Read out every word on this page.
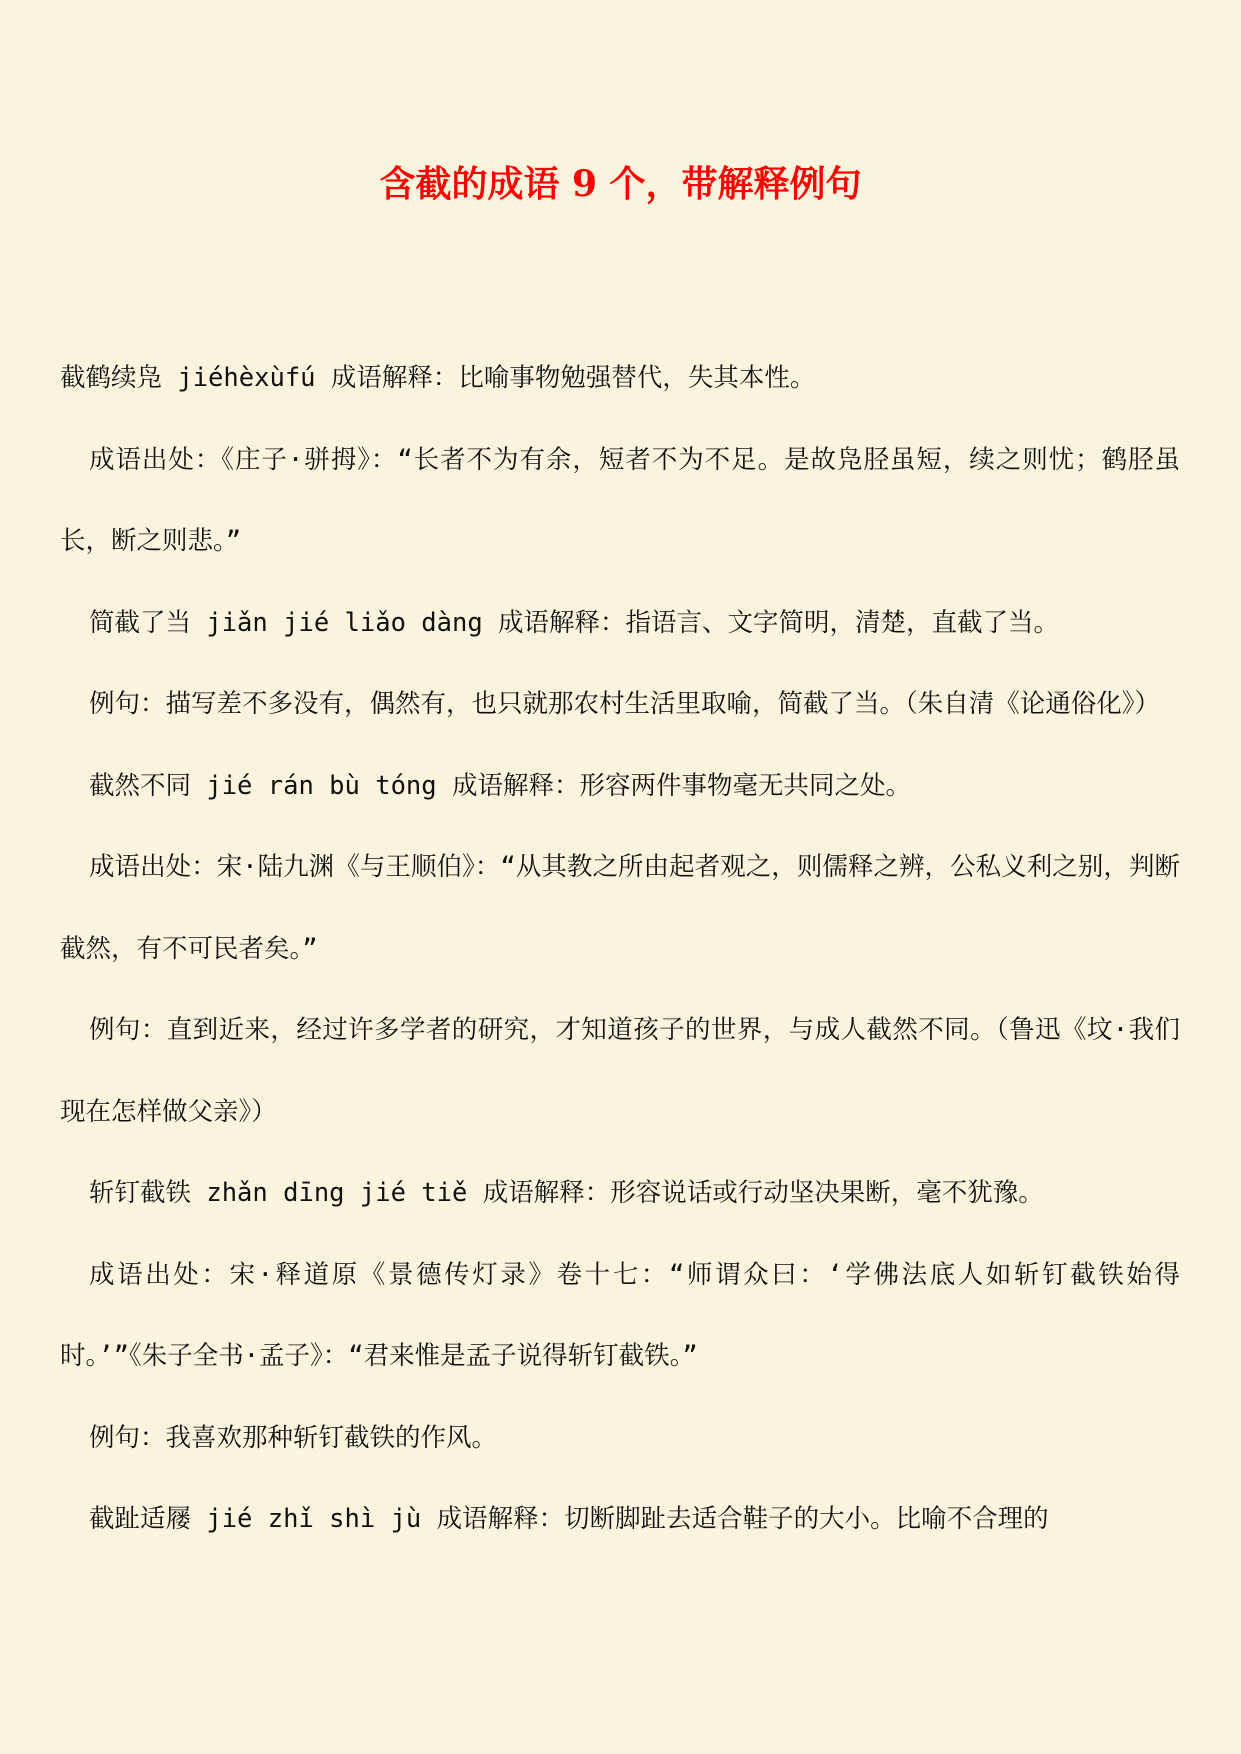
含截的成语 9 个，带解释例句

截鹤续凫 jiéhèxùfú 成语解释：比喻事物勉强替代，失其本性。

成语出处：《庄子·骈拇》：“长者不为有余，短者不为不足。是故凫胫虽短，续之则忧；鹤胫虽长，断之则悲。”

简截了当 jiǎn jié liǎo dàng 成语解释：指语言、文字简明，清楚，直截了当。

例句：描写差不多没有，偶然有，也只就那农村生活里取喻，简截了当。（朱自清《论通俗化》）

截然不同 jié rán bù tóng 成语解释：形容两件事物毫无共同之处。

成语出处：宋·陆九渊《与王顺伯》：“从其教之所由起者观之，则儒释之辨，公私义利之别，判断截然，有不可民者矣。”

例句：直到近来，经过许多学者的研究，才知道孩子的世界，与成人截然不同。（鲁迅《坟·我们现在怎样做父亲》）

斩钉截铁 zhǎn dīng jié tiě 成语解释：形容说话或行动坚决果断，毫不犹豫。

成语出处：宋·释道原《景德传灯录》卷十七：“师谓众曰：‘学佛法底人如斩钉截铁始得时。’”《朱子全书·孟子》：“君来惟是孟子说得斩钉截铁。”

例句：我喜欢那种斩钉截铁的作风。

截趾适屦 jié zhǐ shì jù 成语解释：切断脚趾去适合鞋子的大小。比喻不合理的
